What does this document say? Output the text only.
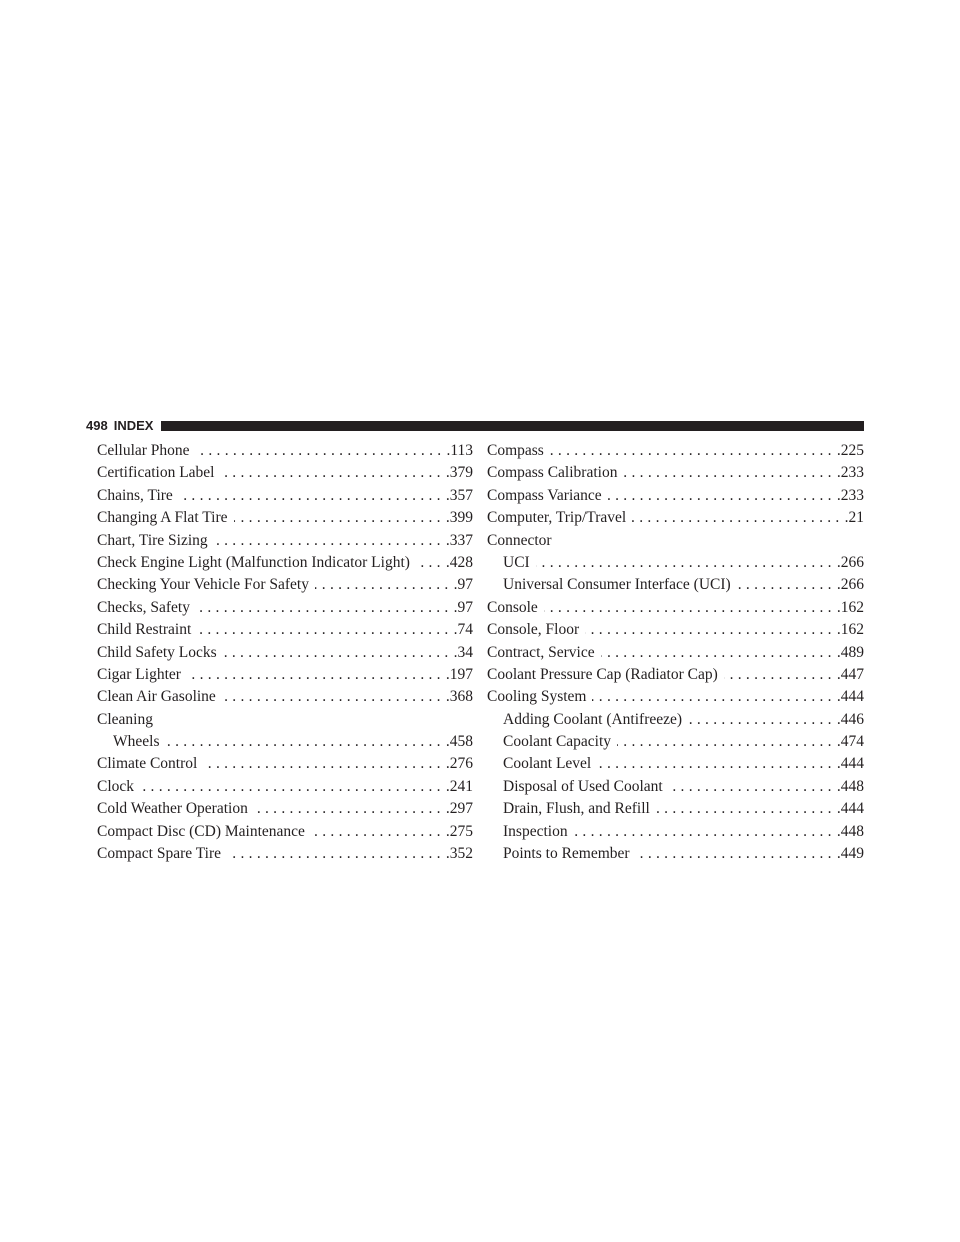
498 INDEX
Cellular Phone .....	.113
Certification Label .....	.379
Chains, Tire .....	.357
Changing A Flat Tire .....	.399
Chart, Tire Sizing .....	.337
Check Engine Light (Malfunction Indicator Light) ..... .428
Checking Your Vehicle For Safety .....	.97
Checks, Safety .....	.97
Child Restraint .....	.74
Child Safety Locks .....	.34
Cigar Lighter .....	.197
Clean Air Gasoline .....	.368
Cleaning
Wheels .....	.458
Climate Control .....	.276
Clock .....	.241
Cold Weather Operation .....	.297
Compact Disc (CD) Maintenance .....	.275
Compact Spare Tire .....	.352
Compass .....	.225
Compass Calibration .....	.233
Compass Variance .....	.233
Computer, Trip/Travel .....	.21
Connector
UCI .....	.266
Universal Consumer Interface (UCI) .....	.266
Console .....	.162
Console, Floor .....	.162
Contract, Service .....	.489
Coolant Pressure Cap (Radiator Cap) .....	.447
Cooling System .....	.444
Adding Coolant (Antifreeze) .....	.446
Coolant Capacity .....	.474
Coolant Level .....	.444
Disposal of Used Coolant .....	.448
Drain, Flush, and Refill .....	.444
Inspection .....	.448
Points to Remember .....	.449
